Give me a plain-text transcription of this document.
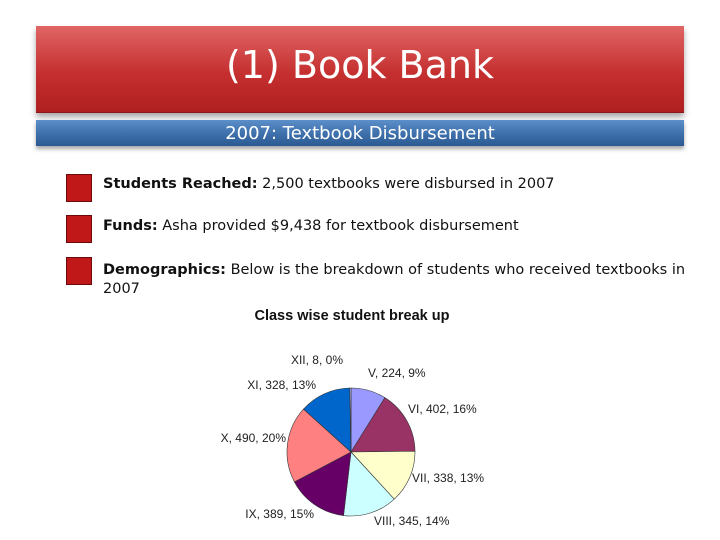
(1) Book Bank
2007: Textbook Disbursement
Students Reached: 2,500 textbooks were disbursed in 2007
Funds: Asha provided $9,438 for textbook disbursement
Demographics: Below is the breakdown of students who received textbooks in 2007
Class wise student break up
V, 224, 9%
VI, 402, 16%
VII, 338, 13%
VIII, 345, 14%
IX, 389, 15%
X, 490, 20%
XI, 328, 13%
XII, 8, 0%
